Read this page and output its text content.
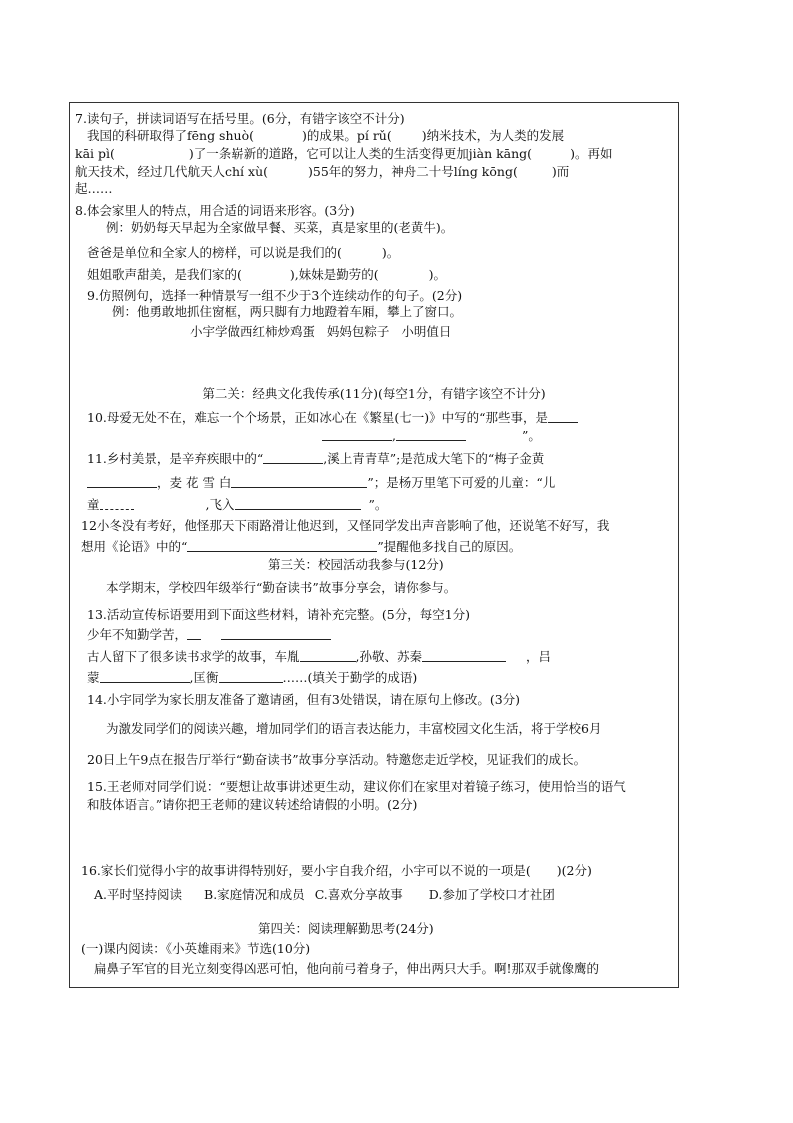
7.读句子，拼读词语写在括号里。(6分，有错字该空不计分)
我国的科研取得了fēng shuò(	)的成果。pí rǔ( )纳米技术，为人类的发展
kāi pì(	)了一条崭新的道路，它可以让人类的生活变得更加jiàn kāng(	)。再如
航天技术，经过几代航天人chí xù(	)55年的努力，神舟二十号líng kōng(	)而
起……
8.体会家里人的特点，用合适的词语来形容。(3分)
例：奶奶每天早起为全家做早餐、买菜，真是家里的(老黄牛)。
爸爸是单位和全家人的榜样，可以说是我们的(	)。
姐姐歌声甜美，是我们家的(	),妹妹是勤劳的(	)。
9.仿照例句，选择一种情景写一组不少于3个连续动作的句子。(2分)
例：他勇敢地抓住窗框，两只脚有力地蹬着车厢，攀上了窗口。
小宇学做西红柿炒鸡蛋   妈妈包粽子   小明值日
第二关：经典文化我传承(11分)(每空1分，有错字该空不计分)
10.母爱无处不在，难忘一个个场景，正如冰心在《繁星(七一)》中写的“那些事，是
,	”。
11.乡村美景，是辛弃疾眼中的“	,溪上青青草”;是范成大笔下的“梅子金黄
，麦 花 雪 白	”；是杨万里笔下可爱的儿童：“儿
童	,飞入	”。
12小冬没有考好，他怪那天下雨路滑让他迟到，又怪同学发出声音影响了他，还说笔不好写，我
想用《论语》中的“	”提醒他多找自己的原因。
第三关：校园活动我参与(12分)
本学期末，学校四年级举行“勤奋读书”故事分享会，请你参与。
13.活动宣传标语要用到下面这些材料，请补充完整。(5分，每空1分)
少年不知勤学苦，
古人留下了很多读书求学的故事，车胤	,孙敬、苏秦	，吕
蒙	,匡衡	……(填关于勤学的成语)
14.小宇同学为家长朋友准备了邀请函，但有3处错误，请在原句上修改。(3分)
为激发同学们的阅读兴趣，增加同学们的语言表达能力，丰富校园文化生活，将于学校6月
20日上午9点在报告厅举行“勤奋读书”故事分享活动。特邀您走近学校，见证我们的成长。
15.王老师对同学们说：“要想让故事讲述更生动，建议你们在家里对着镜子练习，使用恰当的语气
和肢体语言。”请你把王老师的建议转述给请假的小明。(2分)
16.家长们觉得小宇的故事讲得特别好，要小宇自我介绍，小宇可以不说的一项是( )(2分)
A.平时坚持阅读 B.家庭情况和成员 C.喜欢分享故事 D.参加了学校口才社团
第四关：阅读理解勤思考(24分)
(一)课内阅读：《小英雄雨来》节选(10分)
扁鼻子军官的目光立刻变得凶恶可怕，他向前弓着身子，伸出两只大手。啊!那双手就像鹰的
